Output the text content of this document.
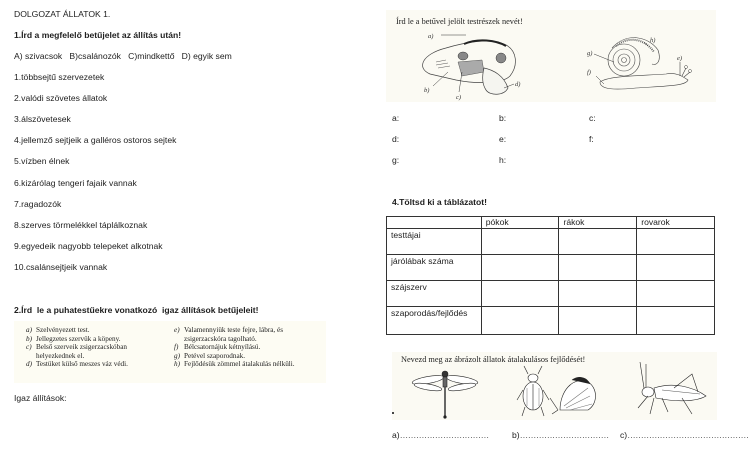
DOLGOZAT ÁLLATOK 1.
1.Írd a megfelelő betűjelet az állítás után!
A) szivacsok   B)csalánozók   C)mindkettő   D) egyik sem
1.többsejtű szervezetek
2.valódi szövetes állatok
3.álszövetesek
4.jellemző sejtjeik a galléros ostoros sejtek
5.vízben élnek
6.kizárólag tengeri fajaik vannak
7.ragadozók
8.szerves törmelékkel táplálkoznak
9.egyedeik nagyobb telepeket alkotnak
10.csalánsejtjeik vannak
2.Írd  le a puhatestűekre vonatkozó  igaz állítások betűjeleit!
a) Szelvényezett test.
b) Jellegzetes szervük a köpeny.
c) Belső szerveik zsigerzacskóban helyezkednek el.
d) Testüket külső meszes váz védi.
e) Valamennyiük teste fejre, lábra, és zsigerzacskóra tagolható.
f) Bélcsatornájuk kétnyílású.
g) Petével szaporodnak.
h) Fejlődésük zömmel átalakulás nélküli.
Igaz állítások:
Írd le a betűvel jelölt testrészek nevét!
a)
b)
c)
d)
e)
f)
g)
h)
a:	b:	c:
d:	e:	f:
g:	h:
4.Töltsd ki a táblázatot!
	pókok	rákok	rovarok
testtájai			
járólábak száma			
szájszerv			
szaporodás/fejlődés			
Nevezd meg az ábrázolt állatok átalakulásos fejlődését!
a)……………………………	b)…………………………… c)………………………………………
